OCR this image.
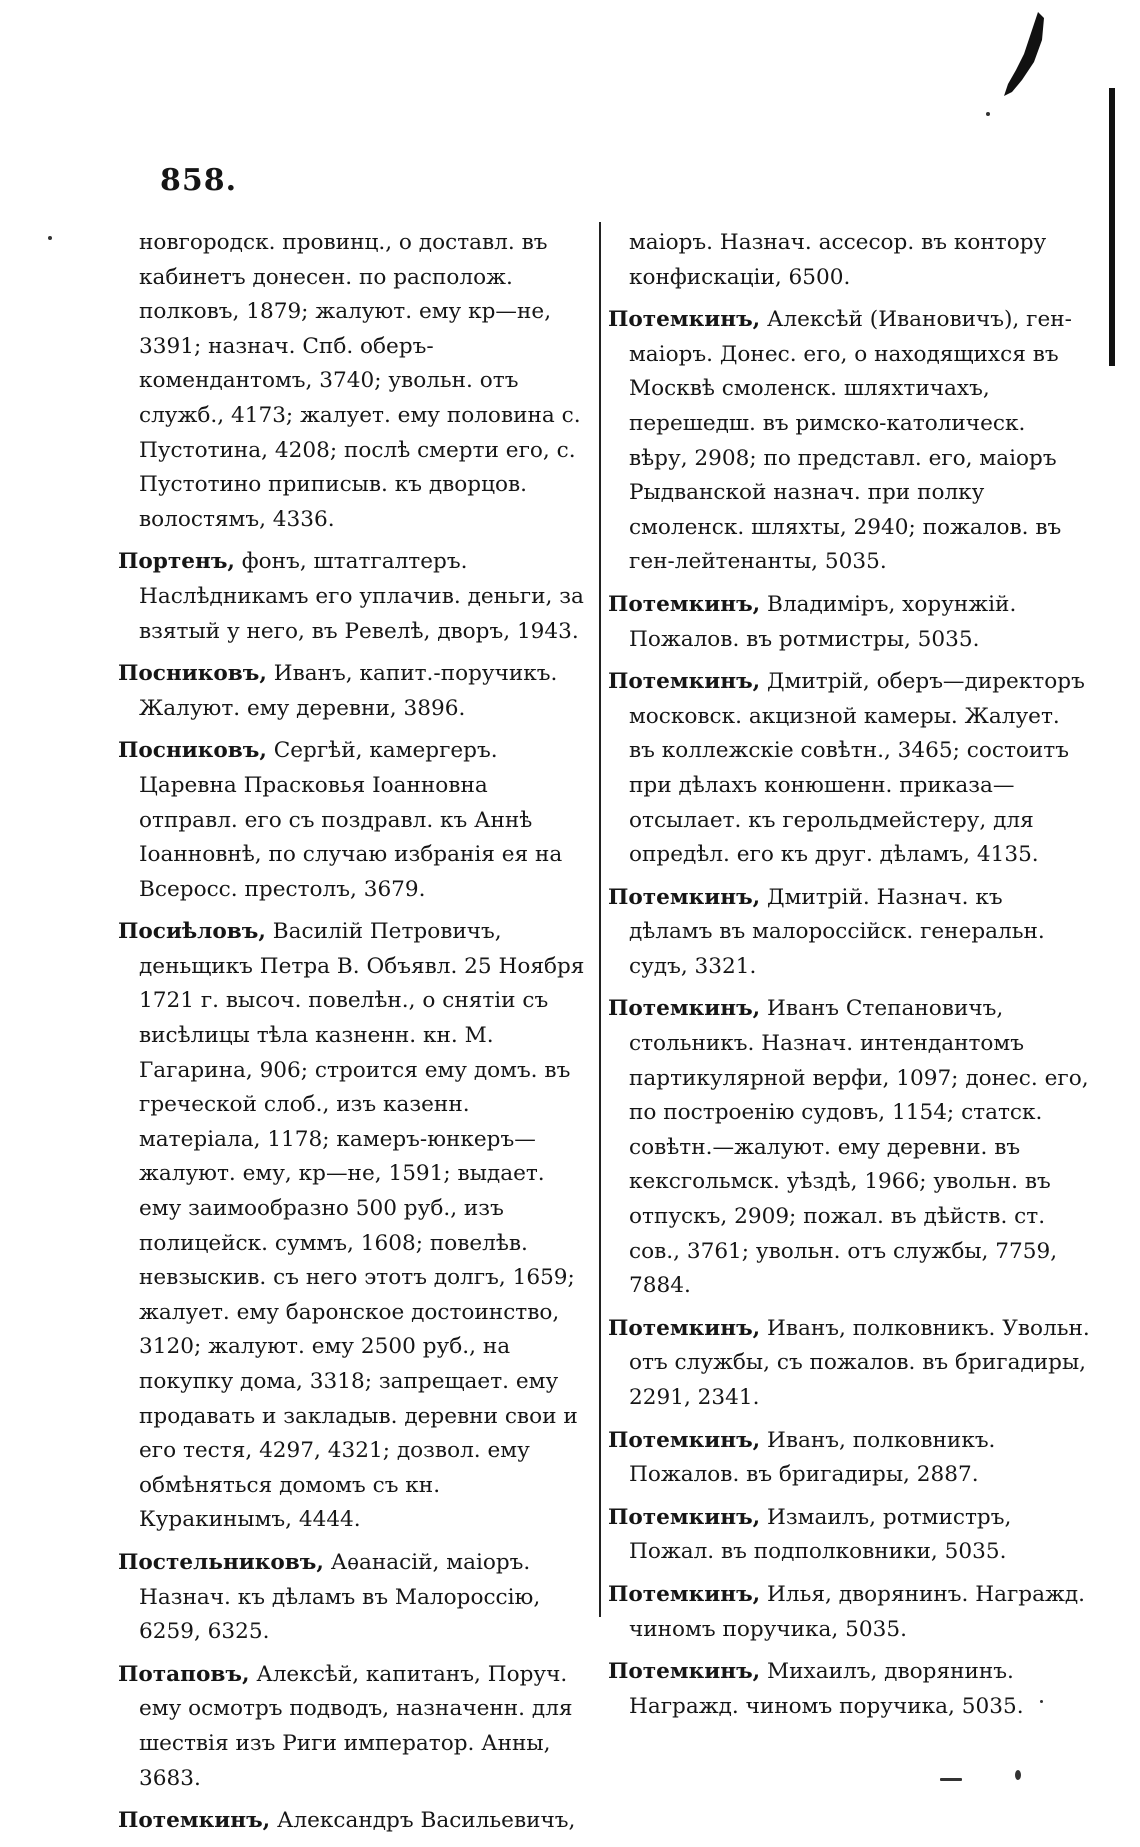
858.

новгородск. провинц., о доставл. въ кабинетъ донесен. по располож. полковъ, 1879; жалуют. ему кр—не, 3391; назнач. Спб. оберъ-комендантомъ, 3740; увольн. отъ служб., 4173; жалует. ему половина с. Пустотина, 4208; послѣ смерти его, с. Пустотино приписыв. къ дворцов. волостямъ, 4336.

Портенъ, фонъ, штатгалтеръ. Наслѣдникамъ его уплачив. деньги, за взятый у него, въ Ревелѣ, дворъ, 1943.

Посниковъ, Иванъ, капит.-поручикъ. Жалуют. ему деревни, 3896.

Посниковъ, Сергѣй, камергеръ. Царевна Прасковья Іоанновна отправл. его съ поздравл. къ Аннѣ Іоанновнѣ, по случаю избранія ея на Всеросс. престолъ, 3679.

Посиѣловъ, Василій Петровичъ, деньщикъ Петра В. Объявл. 25 Ноября 1721 г. высоч. повелѣн., о снятіи съ висѣлицы тѣла казненн. кн. М. Гагарина, 906; строится ему домъ. въ греческой слоб., изъ казенн. матеріала, 1178; камеръ-юнкеръ—жалуют. ему, кр—не, 1591; выдает. ему заимообразно 500 руб., изъ полицейск. суммъ, 1608; повелѣв. невзыскив. съ него этотъ долгъ, 1659; жалует. ему баронское достоинство, 3120; жалуют. ему 2500 руб., на покупку дома, 3318; запрещает. ему продавать и закладыв. деревни свои и его тестя, 4297, 4321; дозвол. ему обмѣняться домомъ съ кн. Куракинымъ, 4444.

Постельниковъ, Аѳанасій, маіоръ. Назнач. къ дѣламъ въ Малороссію, 6259, 6325.

Потаповъ, Алексѣй, капитанъ, Поруч. ему осмотръ подводъ, назначенн. для шествія изъ Риги император. Анны, 3683.

Потемкинъ, Александръ Васильевичъ,

маіоръ. Назнач. ассесор. въ контору конфискаціи, 6500.

Потемкинъ, Алексѣй (Ивановичъ), ген-маіоръ. Донес. его, о находящихся въ Москвѣ смоленск. шляхтичахъ, перешедш. въ римско-католическ. вѣру, 2908; по представл. его, маіоръ Рыдванской назнач. при полку смоленск. шляхты, 2940; пожалов. въ ген-лейтенанты, 5035.

Потемкинъ, Владиміръ, хорунжій. Пожалов. въ ротмистры, 5035.

Потемкинъ, Дмитрій, оберъ—директоръ московск. акцизной камеры. Жалует. въ коллежскіе совѣтн., 3465; состоитъ при дѣлахъ конюшенн. приказа—отсылает. къ герольдмейстеру, для опредѣл. его къ друг. дѣламъ, 4135.

Потемкинъ, Дмитрій. Назнач. къ дѣламъ въ малороссійск. генеральн. судъ, 3321.

Потемкинъ, Иванъ Степановичъ, стольникъ. Назнач. интендантомъ партикулярной верфи, 1097; донес. его, по построенію судовъ, 1154; статск. совѣтн.—жалуют. ему деревни. въ кексгольмск. уѣздѣ, 1966; увольн. въ отпускъ, 2909; пожал. въ дѣйств. ст. сов., 3761; увольн. отъ службы, 7759, 7884.

Потемкинъ, Иванъ, полковникъ. Увольн. отъ службы, съ пожалов. въ бригадиры, 2291, 2341.

Потемкинъ, Иванъ, полковникъ. Пожалов. въ бригадиры, 2887.

Потемкинъ, Измаилъ, ротмистръ, Пожал. въ подполковники, 5035.

Потемкинъ, Илья, дворянинъ. Награжд. чиномъ поручика, 5035.

Потемкинъ, Михаилъ, дворянинъ. Награжд. чиномъ поручика, 5035.
